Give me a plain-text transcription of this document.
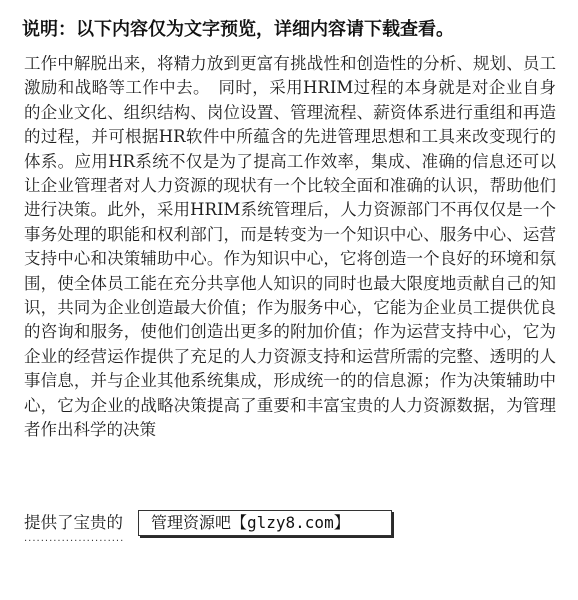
说明：以下内容仅为文字预览，详细内容请下载查看。

工作中解脱出来，将精力放到更富有挑战性和创造性的分析、规划、员工激励和战略等工作中去。　同时，采用HRIM过程的本身就是对企业自身的企业文化、组织结构、岗位设置、管理流程、薪资体系进行重组和再造的过程，并可根据HR软件中所蕴含的先进管理思想和工具来改变现行的体系。应用HR系统不仅是为了提高工作效率，集成、准确的信息还可以让企业管理者对人力资源的现状有一个比较全面和准确的认识，帮助他们进行决策。此外，采用HRIM系统管理后，人力资源部门不再仅仅是一个事务处理的职能和权利部门，而是转变为一个知识中心、服务中心、运营支持中心和决策辅助中心。作为知识中心，它将创造一个良好的环境和氛围，使全体员工能在充分共享他人知识的同时也最大限度地贡献自己的知识，共同为企业创造最大价值；作为服务中心，它能为企业员工提供优良的咨询和服务，使他们创造出更多的附加价值；作为运营支持中心，它为企业的经营运作提供了充足的人力资源支持和运营所需的完整、透明的人事信息，并与企业其他系统集成，形成统一的的信息源；作为决策辅助中心，它为企业的战略决策提高了重要和丰富宝贵的人力资源数据，为管理者作出科学的决策

提供了宝贵的	管理资源吧【glzy8.com】
························
